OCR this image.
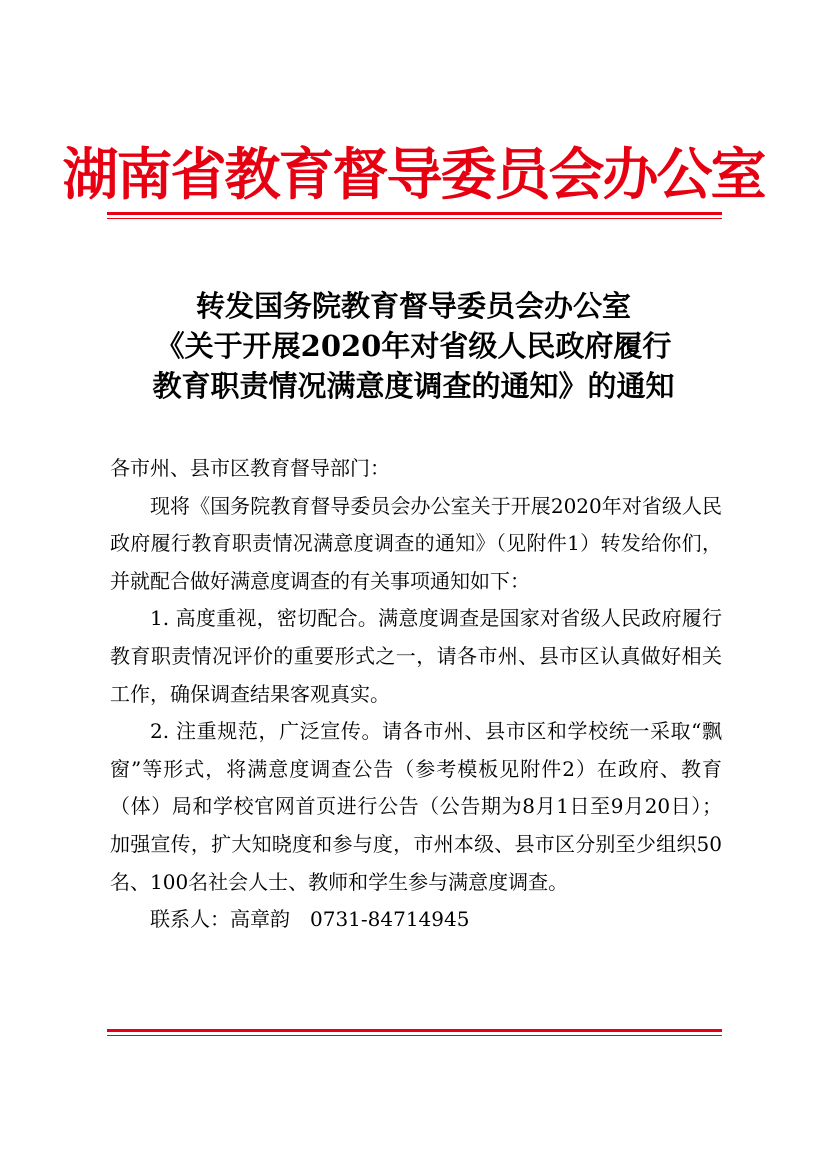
湖南省教育督导委员会办公室
转发国务院教育督导委员会办公室
《关于开展2020年对省级人民政府履行
教育职责情况满意度调查的通知》的通知

各市州、县市区教育督导部门：

现将《国务院教育督导委员会办公室关于开展2020年对省级人民政府履行教育职责情况满意度调查的通知》（见附件1）转发给你们，并就配合做好满意度调查的有关事项通知如下：

1. 高度重视，密切配合。满意度调查是国家对省级人民政府履行教育职责情况评价的重要形式之一，请各市州、县市区认真做好相关工作，确保调查结果客观真实。

2. 注重规范，广泛宣传。请各市州、县市区和学校统一采取“飘窗”等形式，将满意度调查公告（参考模板见附件2）在政府、教育（体）局和学校官网首页进行公告（公告期为8月1日至9月20日）；加强宣传，扩大知晓度和参与度，市州本级、县市区分别至少组织50名、100名社会人士、教师和学生参与满意度调查。

联系人：高章韵　0731-84714945
